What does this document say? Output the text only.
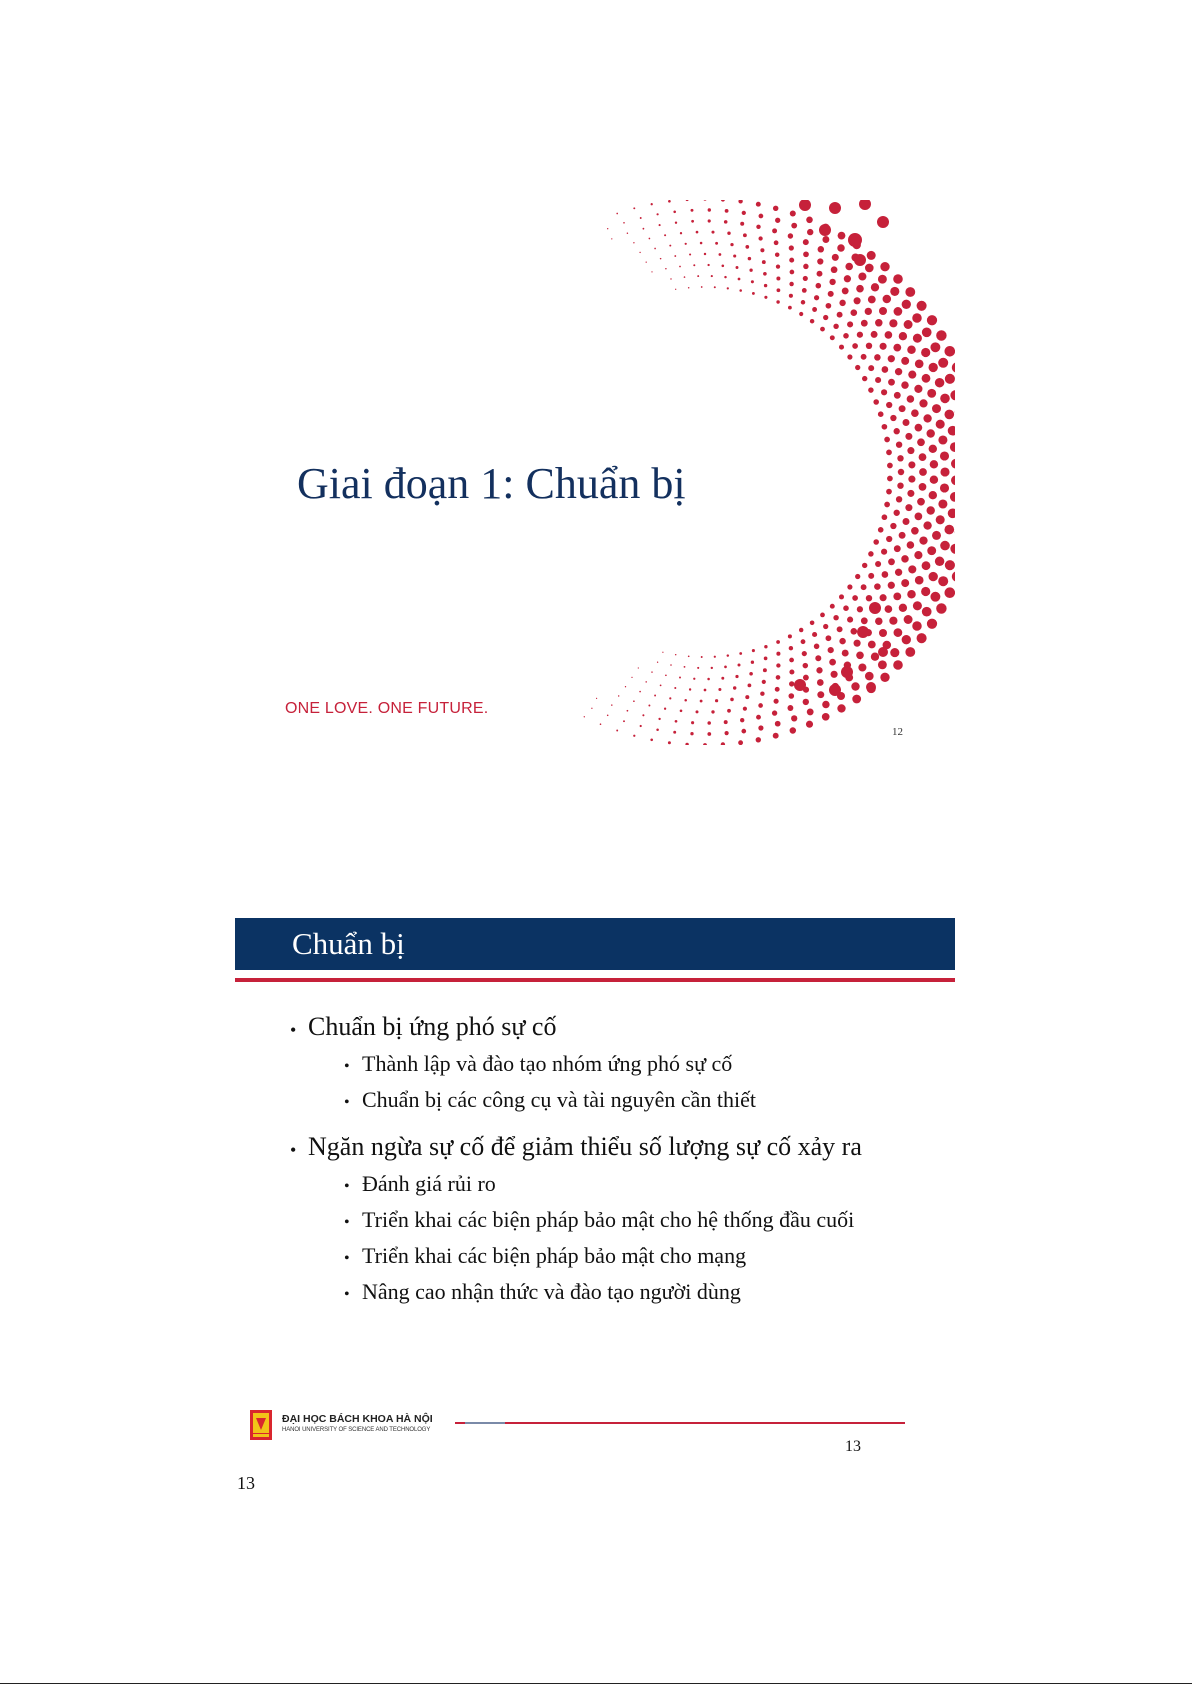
Giai đoạn 1: Chuẩn bị
ONE LOVE. ONE FUTURE.
12
Chuẩn bị
• Chuẩn bị ứng phó sự cố
• Thành lập và đào tạo nhóm ứng phó sự cố
• Chuẩn bị các công cụ và tài nguyên cần thiết
• Ngăn ngừa sự cố để giảm thiểu số lượng sự cố xảy ra
• Đánh giá rủi ro
• Triển khai các biện pháp bảo mật cho hệ thống đầu cuối
• Triển khai các biện pháp bảo mật cho mạng
• Nâng cao nhận thức và đào tạo người dùng
ĐẠI HỌC BÁCH KHOA HÀ NỘI
HANOI UNIVERSITY OF SCIENCE AND TECHNOLOGY
13
13
